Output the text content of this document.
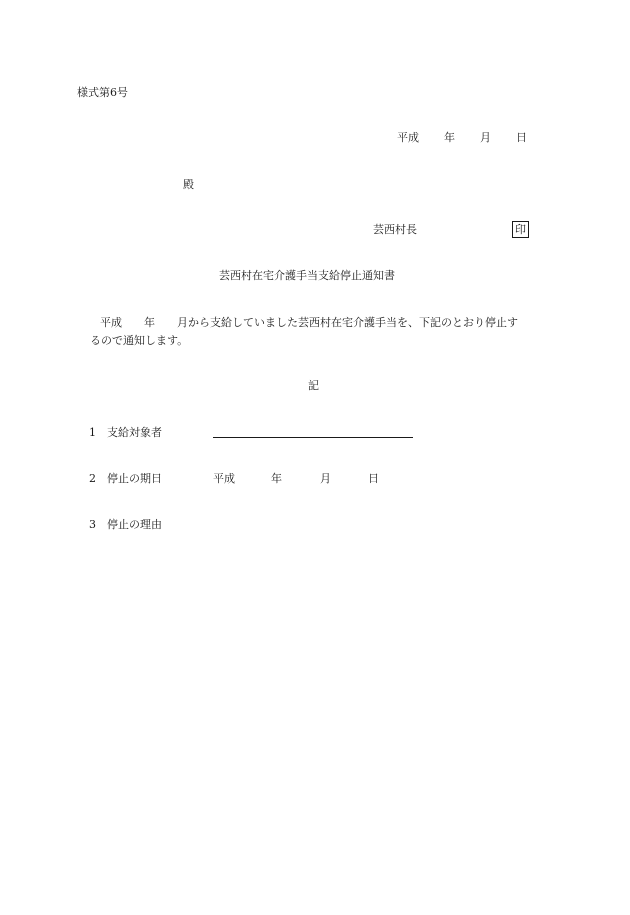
様式第6号
平成 年 月 日
殿
芸西村長	印
芸西村在宅介護手当支給停止通知書
平成　　年　　月から支給していました芸西村在宅介護手当を、下記のとおり停止す
るので通知します。
記
1 支給対象者
2 停止の期日	平成	年	月	日
3 停止の理由
